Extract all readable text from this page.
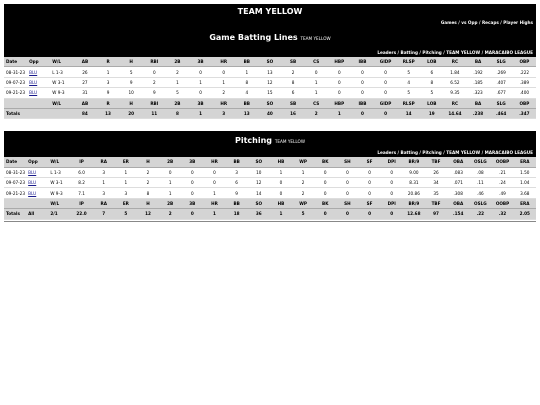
TEAM YELLOW
Games / vs Opp / Recaps / Player Highs
Game Batting Lines TEAM YELLOW
Leaders / Batting / Pitching / TEAM YELLOW / MARACAIBO LEAGUE
Date	Opp	W/L	AB	R	H	RBI	2B	3B	HR	BB	SO	SB	CS	HBP	IBB	GIDP	RLSP	LOB	RC	BA	SLG	OBP
08-31-23	BLU	L 1-3	26	1	5	0	2	0	0	1	13	2	0	0	0	0	5	6	1.84	.192	.269	.222
09-07-23	BLU	W 3-1	27	3	9	2	1	1	1	8	12	8	1	0	0	0	4	8	6.52	.185	.407	.389
09-21-23	BLU	W 9-3	31	9	10	9	5	0	2	4	15	6	1	0	0	0	5	5	9.35	.323	.677	.400
		W/L	AB	R	H	RBI	2B	3B	HR	BB	SO	SB	CS	HBP	IBB	GIDP	RLSP	LOB	RC	BA	SLG	OBP
Totals			84	13	20	11	8	1	3	13	40	16	2	1	0	0	14	19	14.64	.238	.464	.347
Pitching TEAM YELLOW
Leaders / Batting / Pitching / TEAM YELLOW / MARACAIBO LEAGUE
Date	Opp	W/L	IP	RA	ER	H	2B	3B	HR	BB	SO	HB	WP	BK	SH	SF	DPI	BR/9	TBF	OBA	OSLG	OOBP	ERA
08-31-23	BLU	L 1-3	6.0	3	1	2	0	0	0	3	10	1	1	0	0	0	0	9.00	26	.083	.08	.21	1.50
09-07-23	BLU	W 3-1	8.2	1	1	2	1	0	0	6	12	0	2	0	0	0	0	8.31	34	.071	.11	.24	1.04
09-21-23	BLU	W 9-3	7.1	3	3	8	1	0	1	9	14	0	2	0	0	0	0	20.86	35	.308	.46	.49	3.68
		W/L	IP	RA	ER	H	2B	3B	HR	BB	SO	HB	WP	BK	SH	SF	DPI	BR/9	TBF	OBA	OSLG	OOBP	ERA
Totals	All	2/1	22.0	7	5	12	2	0	1	18	36	1	5	0	0	0	0	12.68	97	.154	.22	.32	2.05
